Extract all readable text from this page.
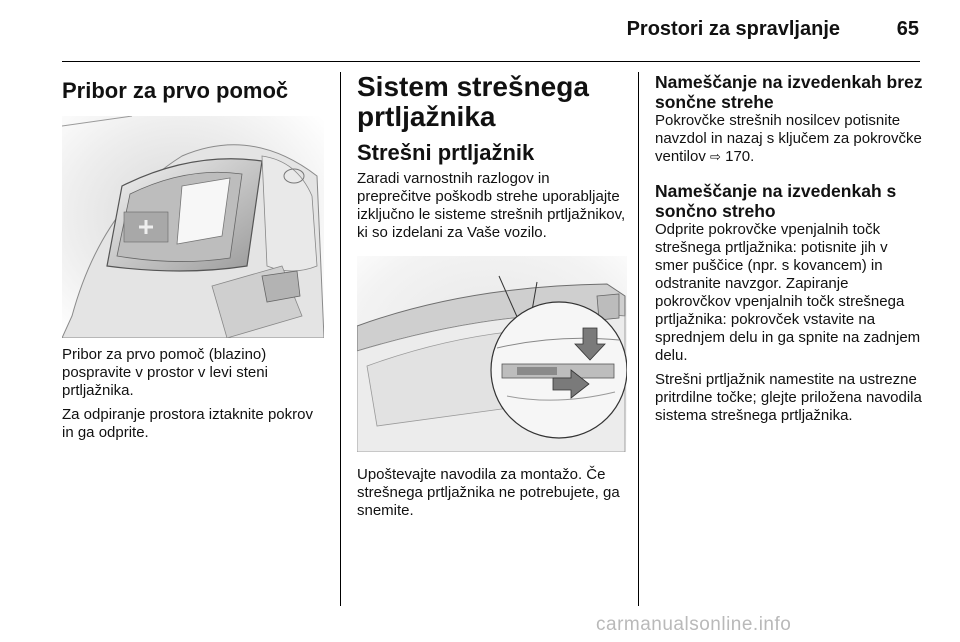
Prostori za spravljanje	65
Pribor za prvo pomoč

Pribor za prvo pomoč (blazino) pospravite v prostor v levi steni prtljažnika.

Za odpiranje prostora iztaknite pokrov in ga odprite.

Sistem strešnega prtljažnika
Strešni prtljažnik

Zaradi varnostnih razlogov in preprečitve poškodb strehe uporabljajte izključno le sisteme strešnih prtljažnikov, ki so izdelani za Vaše vozilo.

Upoštevajte navodila za montažo. Če strešnega prtljažnika ne potrebujete, ga snemite.

Nameščanje na izvedenkah brez sončne strehe

Pokrovčke strešnih nosilcev potisnite navzdol in nazaj s ključem za pokrovčke ventilov ⇨ 170.

Nameščanje na izvedenkah s sončno streho

Odprite pokrovčke vpenjalnih točk strešnega prtljažnika: potisnite jih v smer puščice (npr. s kovancem) in odstranite navzgor. Zapiranje pokrovčkov vpenjalnih točk strešnega prtljažnika: pokrovček vstavite na sprednjem delu in ga spnite na zadnjem delu.

Strešni prtljažnik namestite na ustrezne pritrdilne točke; glejte priložena navodila sistema strešnega prtljažnika.

carmanualsonline.info
